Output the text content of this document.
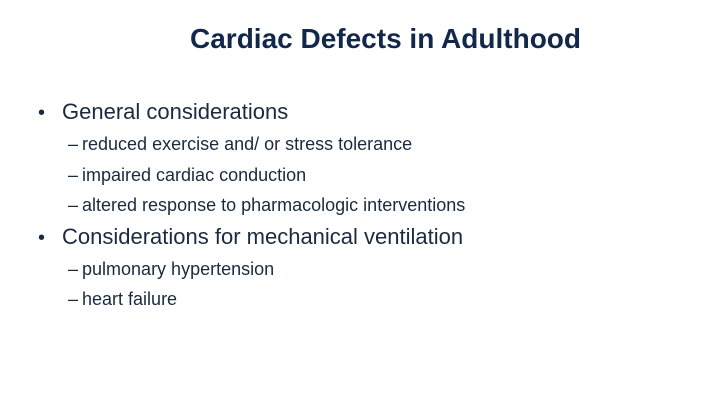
Cardiac Defects in Adulthood
• General considerations
– reduced exercise and/ or stress tolerance
– impaired cardiac conduction
– altered response to pharmacologic interventions
• Considerations for mechanical ventilation
– pulmonary hypertension
– heart failure
